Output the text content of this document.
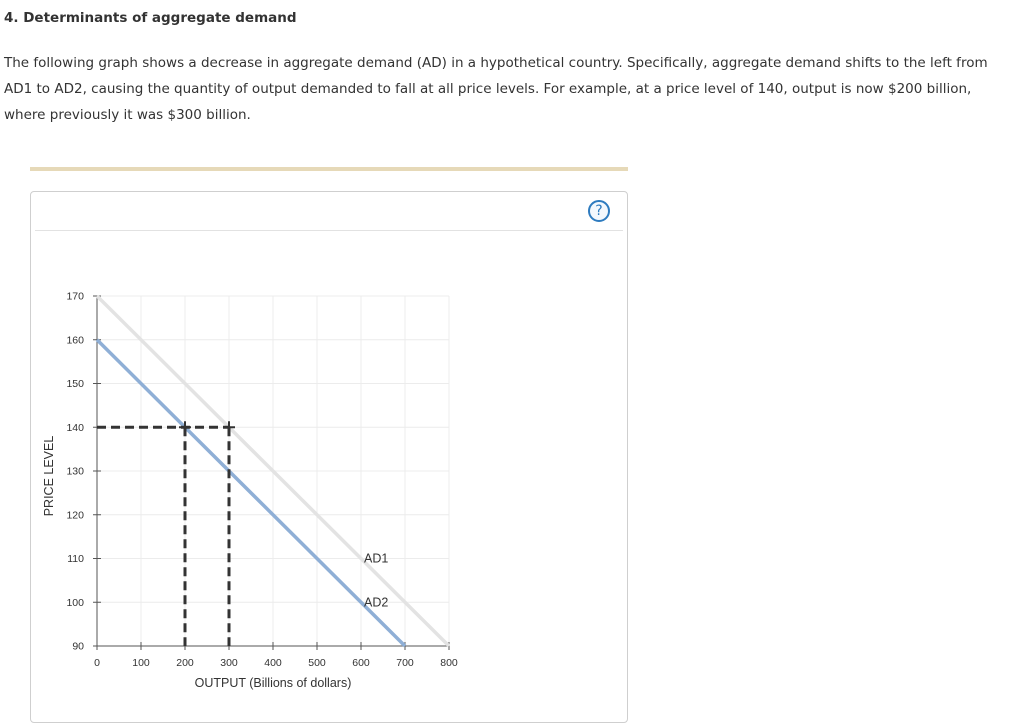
4. Determinants of aggregate demand

The following graph shows a decrease in aggregate demand (AD) in a hypothetical country. Specifically, aggregate demand shifts to the left from AD1 to AD2, causing the quantity of output demanded to fall at all price levels. For example, at a price level of 140, output is now $200 billion, where previously it was $300 billion.

?
90
100
110
120
130
140
150
160
170
0	100	200	300	400	500	600	700	800
OUTPUT (Billions of dollars)
PRICE LEVEL
AD1
AD2
